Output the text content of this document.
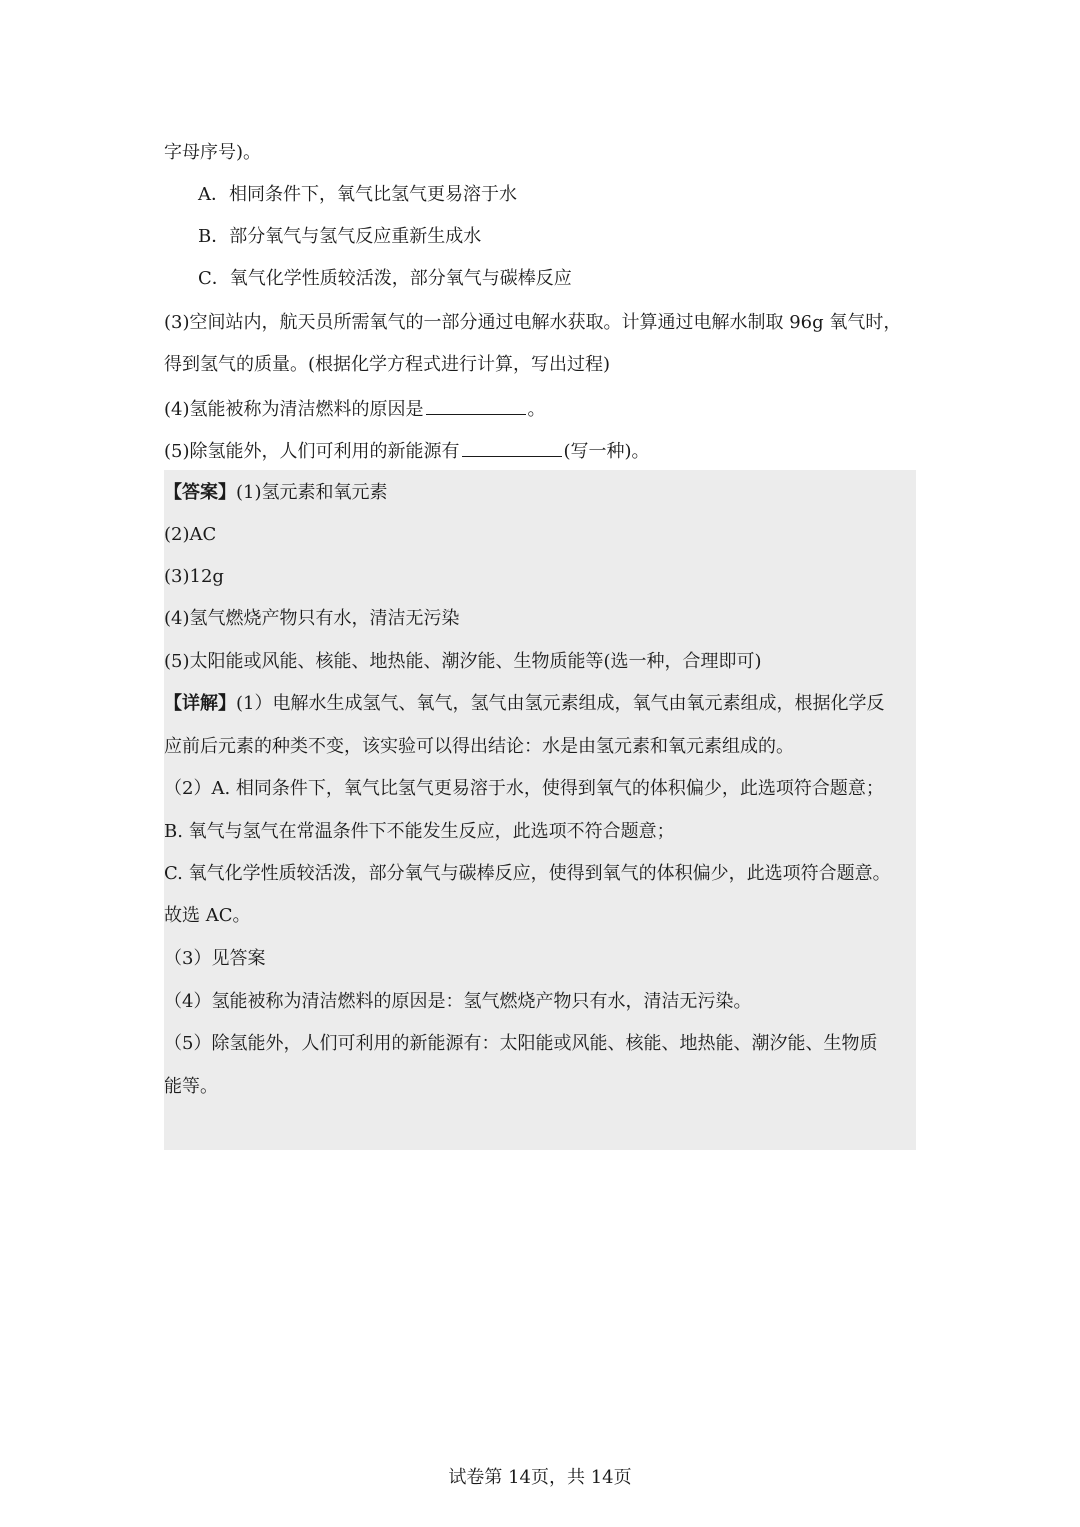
字母序号)。
A．相同条件下，氧气比氢气更易溶于水
B．部分氧气与氢气反应重新生成水
C．氧气化学性质较活泼，部分氧气与碳棒反应
(3)空间站内，航天员所需氧气的一部分通过电解水获取。计算通过电解水制取 96g 氧气时，
得到氢气的质量。(根据化学方程式进行计算，写出过程)
(4)氢能被称为清洁燃料的原因是	。
(5)除氢能外，人们可利用的新能源有	(写一种)。
【答案】(1)氢元素和氧元素
(2)AC
(3)12g
(4)氢气燃烧产物只有水，清洁无污染
(5)太阳能或风能、核能、地热能、潮汐能、生物质能等(选一种，合理即可)
【详解】(1）电解水生成氢气、氧气，氢气由氢元素组成，氧气由氧元素组成，根据化学反
应前后元素的种类不变，该实验可以得出结论：水是由氢元素和氧元素组成的。
（2）A. 相同条件下，氧气比氢气更易溶于水，使得到氧气的体积偏少，此选项符合题意；
B. 氧气与氢气在常温条件下不能发生反应，此选项不符合题意；
C. 氧气化学性质较活泼，部分氧气与碳棒反应，使得到氧气的体积偏少，此选项符合题意。
故选 AC。
（3）见答案
（4）氢能被称为清洁燃料的原因是：氢气燃烧产物只有水，清洁无污染。
（5）除氢能外，人们可利用的新能源有：太阳能或风能、核能、地热能、潮汐能、生物质
能等。
试卷第 14页，共 14页
